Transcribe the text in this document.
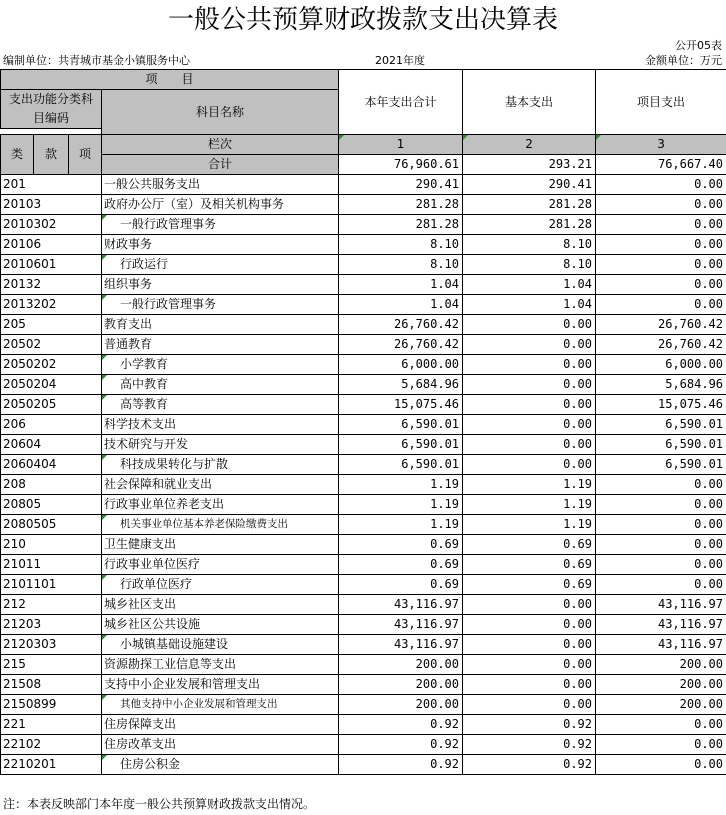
一般公共预算财政拨款支出决算表
公开05表
编制单位：共青城市基金小镇服务中心	2021年度	金额单位：万元
项　　目				本年支出合计	基本支出	项目支出
支出功能分类科目编码			科目名称			

类	款	项	栏次	1	2	3
			合计	76,960.61	293.21	76,667.40
201			一般公共服务支出	290.41	290.41	0.00
20103			政府办公厅（室）及相关机构事务	281.28	281.28	0.00
2010302			一般行政管理事务	281.28	281.28	0.00
20106			财政事务	8.10	8.10	0.00
2010601			行政运行	8.10	8.10	0.00
20132			组织事务	1.04	1.04	0.00
2013202			一般行政管理事务	1.04	1.04	0.00
205			教育支出	26,760.42	0.00	26,760.42
20502			普通教育	26,760.42	0.00	26,760.42
2050202			小学教育	6,000.00	0.00	6,000.00
2050204			高中教育	5,684.96	0.00	5,684.96
2050205			高等教育	15,075.46	0.00	15,075.46
206			科学技术支出	6,590.01	0.00	6,590.01
20604			技术研究与开发	6,590.01	0.00	6,590.01
2060404			科技成果转化与扩散	6,590.01	0.00	6,590.01
208			社会保障和就业支出	1.19	1.19	0.00
20805			行政事业单位养老支出	1.19	1.19	0.00
2080505			机关事业单位基本养老保险缴费支出	1.19	1.19	0.00
210			卫生健康支出	0.69	0.69	0.00
21011			行政事业单位医疗	0.69	0.69	0.00
2101101			行政单位医疗	0.69	0.69	0.00
212			城乡社区支出	43,116.97	0.00	43,116.97
21203			城乡社区公共设施	43,116.97	0.00	43,116.97
2120303			小城镇基础设施建设	43,116.97	0.00	43,116.97
215			资源勘探工业信息等支出	200.00	0.00	200.00
21508			支持中小企业发展和管理支出	200.00	0.00	200.00
2150899			其他支持中小企业发展和管理支出	200.00	0.00	200.00
221			住房保障支出	0.92	0.92	0.00
22102			住房改革支出	0.92	0.92	0.00
2210201			住房公积金	0.92	0.92	0.00
注：本表反映部门本年度一般公共预算财政拨款支出情况。
